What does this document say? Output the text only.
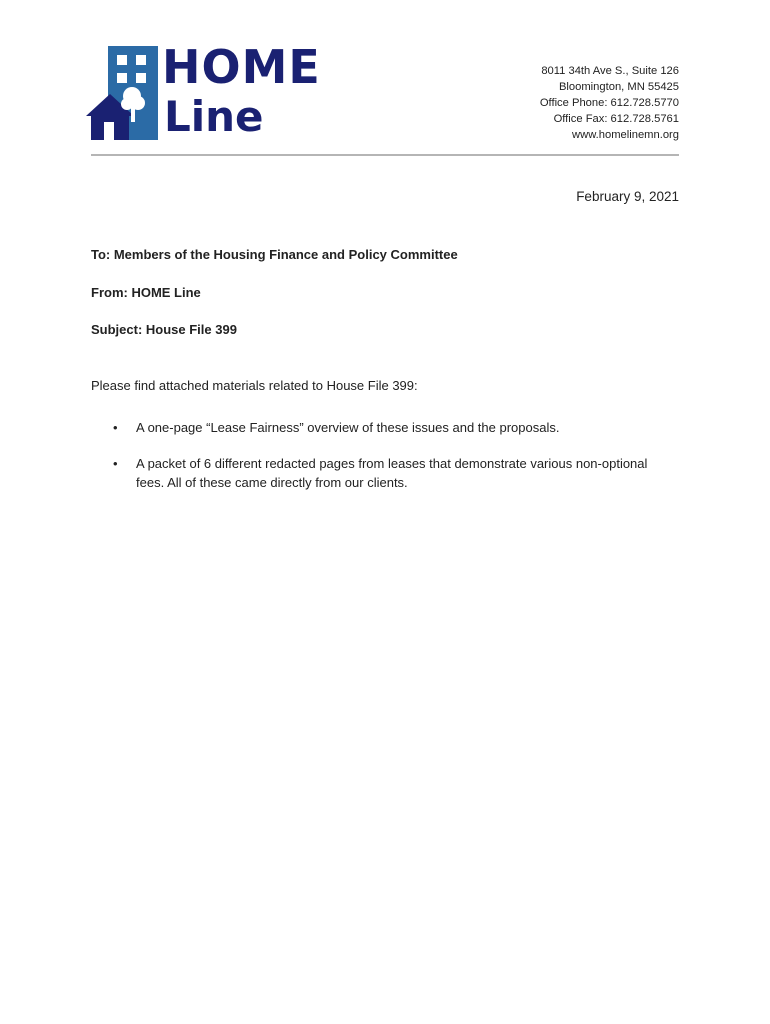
HOME
Line
8011 34th Ave S., Suite 126
Bloomington, MN 55425
Office Phone: 612.728.5770
Office Fax: 612.728.5761
www.homelinemn.org
February 9, 2021
To: Members of the Housing Finance and Policy Committee
From: HOME Line
Subject: House File 399
Please find attached materials related to House File 399:
• A one-page “Lease Fairness” overview of these issues and the proposals.
• A packet of 6 different redacted pages from leases that demonstrate various non-optional fees. All of these came directly from our clients.
